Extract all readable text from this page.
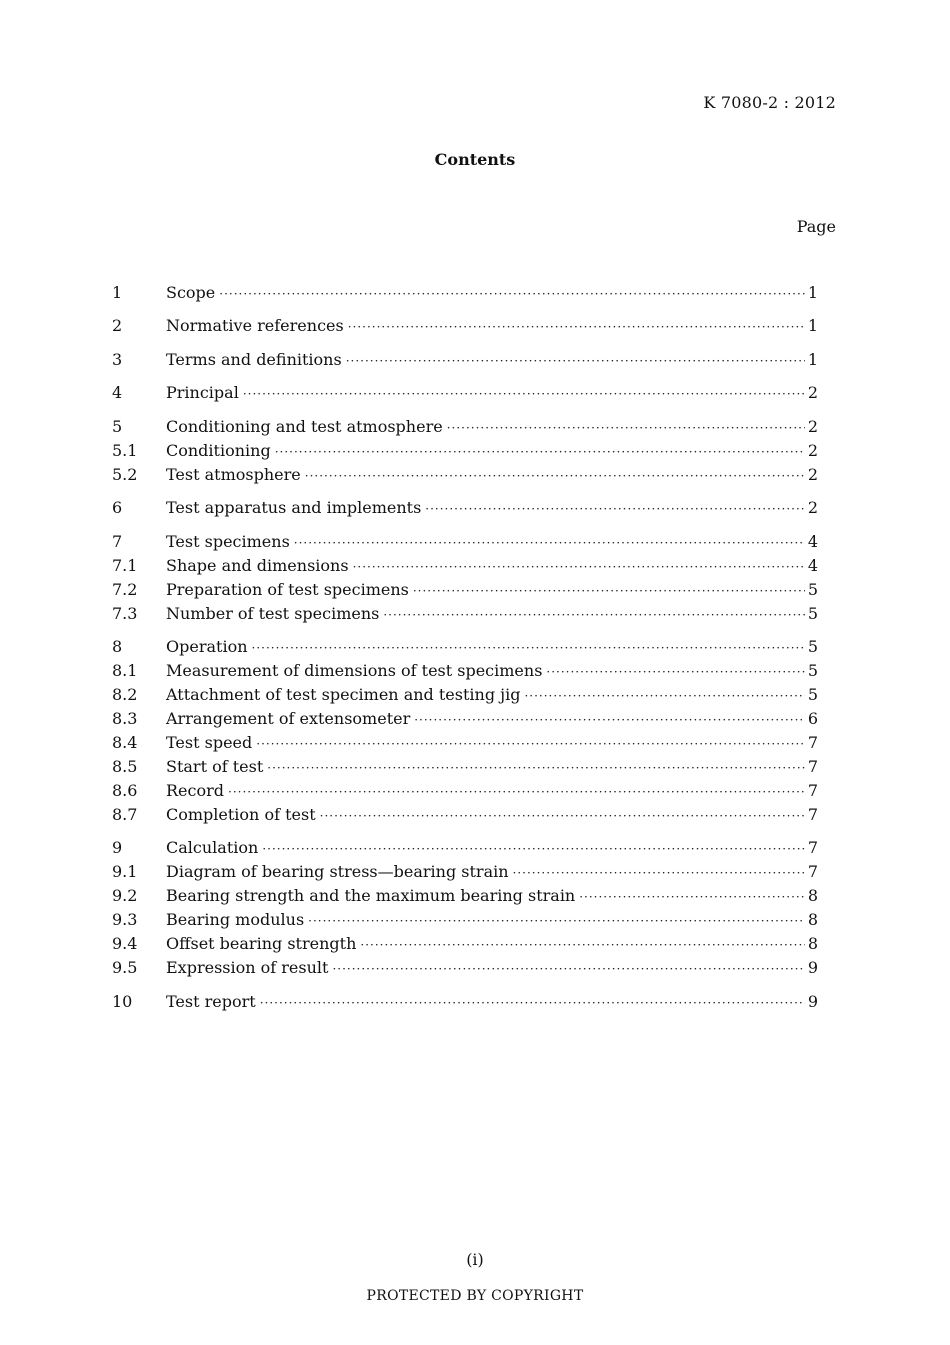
K 7080-2 : 2012
Contents
Page
1	Scope ·····	1
2	Normative references ·····	1
3	Terms and definitions ·····	1
4	Principal ·····	2
5	Conditioning and test atmosphere ·····	2
5.1	Conditioning ·····	2
5.2	Test atmosphere ·····	2
6	Test apparatus and implements ·····	2
7	Test specimens ·····	4
7.1	Shape and dimensions ·····	4
7.2	Preparation of test specimens ·····	5
7.3	Number of test specimens ·····	5
8	Operation ·····	5
8.1	Measurement of dimensions of test specimens ·····	5
8.2	Attachment of test specimen and testing jig ·····	5
8.3	Arrangement of extensometer ·····	6
8.4	Test speed ·····	7
8.5	Start of test ·····	7
8.6	Record ·····	7
8.7	Completion of test ·····	7
9	Calculation ·····	7
9.1	Diagram of bearing stress—bearing strain ·····	7
9.2	Bearing strength and the maximum bearing strain ·····	8
9.3	Bearing modulus ·····	8
9.4	Offset bearing strength ·····	8
9.5	Expression of result ·····	9
10	Test report ·····	9
(i)
PROTECTED BY COPYRIGHT
